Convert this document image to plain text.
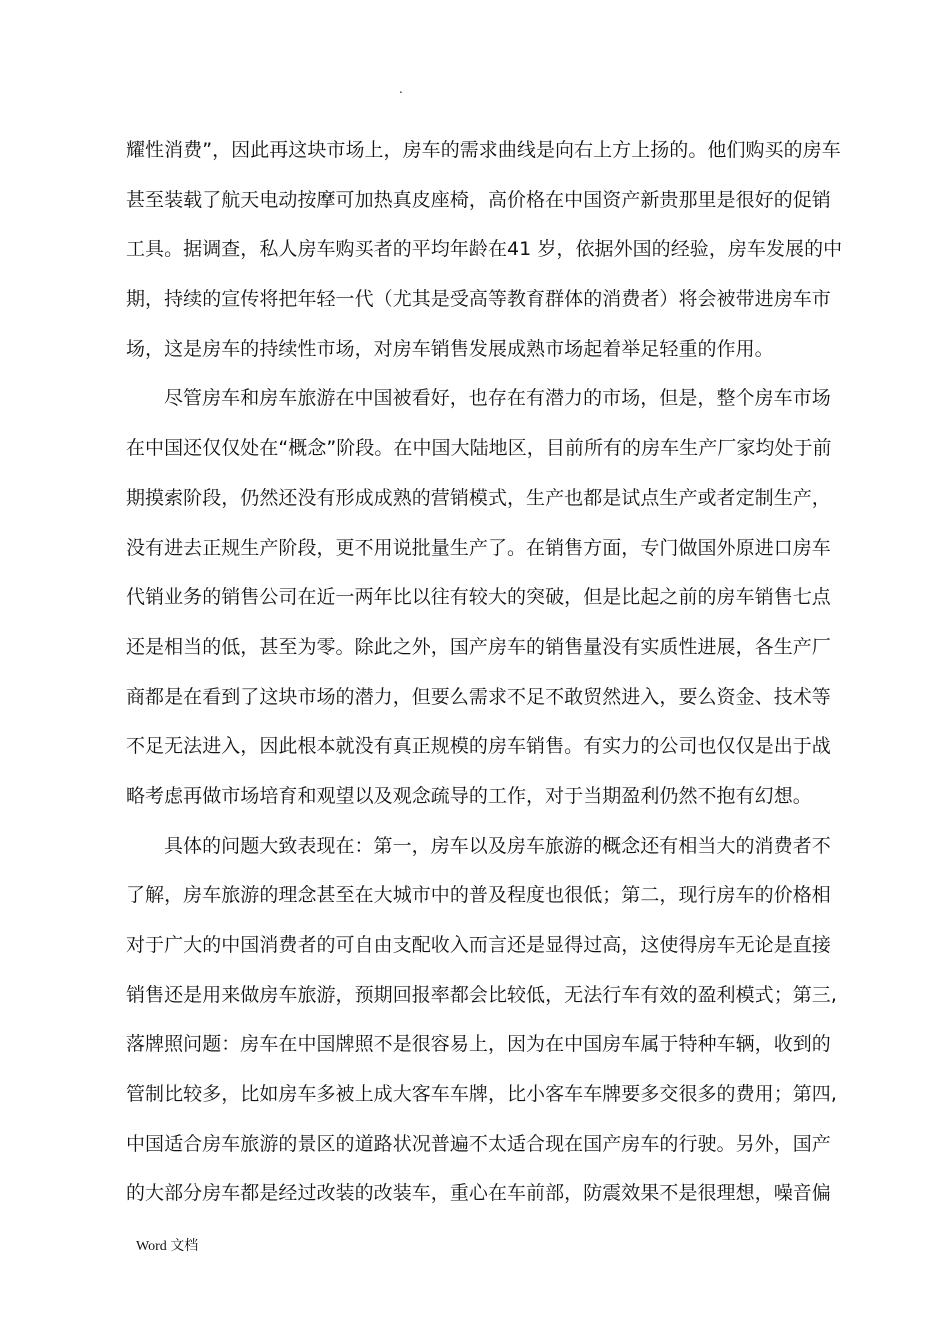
.
耀性消费”，因此再这块市场上，房车的需求曲线是向右上方上扬的。他们购买的房车
甚至装载了航天电动按摩可加热真皮座椅，高价格在中国资产新贵那里是很好的促销
工具。据调查，私人房车购买者的平均年龄在41 岁，依据外国的经验，房车发展的中
期，持续的宣传将把年轻一代（尤其是受高等教育群体的消费者）将会被带进房车市
场，这是房车的持续性市场，对房车销售发展成熟市场起着举足轻重的作用。
尽管房车和房车旅游在中国被看好，也存在有潜力的市场，但是，整个房车市场
在中国还仅仅处在“概念”阶段。在中国大陆地区，目前所有的房车生产厂家均处于前
期摸索阶段，仍然还没有形成成熟的营销模式，生产也都是试点生产或者定制生产，
没有进去正规生产阶段，更不用说批量生产了。在销售方面，专门做国外原进口房车
代销业务的销售公司在近一两年比以往有较大的突破，但是比起之前的房车销售七点
还是相当的低，甚至为零。除此之外，国产房车的销售量没有实质性进展，各生产厂
商都是在看到了这块市场的潜力，但要么需求不足不敢贸然进入，要么资金、技术等
不足无法进入，因此根本就没有真正规模的房车销售。有实力的公司也仅仅是出于战
略考虑再做市场培育和观望以及观念疏导的工作，对于当期盈利仍然不抱有幻想。
具体的问题大致表现在：第一，房车以及房车旅游的概念还有相当大的消费者不
了解，房车旅游的理念甚至在大城市中的普及程度也很低；第二，现行房车的价格相
对于广大的中国消费者的可自由支配收入而言还是显得过高，这使得房车无论是直接
销售还是用来做房车旅游，预期回报率都会比较低，无法行车有效的盈利模式；第三,
落牌照问题：房车在中国牌照不是很容易上，因为在中国房车属于特种车辆，收到的
管制比较多，比如房车多被上成大客车车牌，比小客车车牌要多交很多的费用；第四,
中国适合房车旅游的景区的道路状况普遍不太适合现在国产房车的行驶。另外，国产
的大部分房车都是经过改装的改装车，重心在车前部，防震效果不是很理想，噪音偏
Word 文档
